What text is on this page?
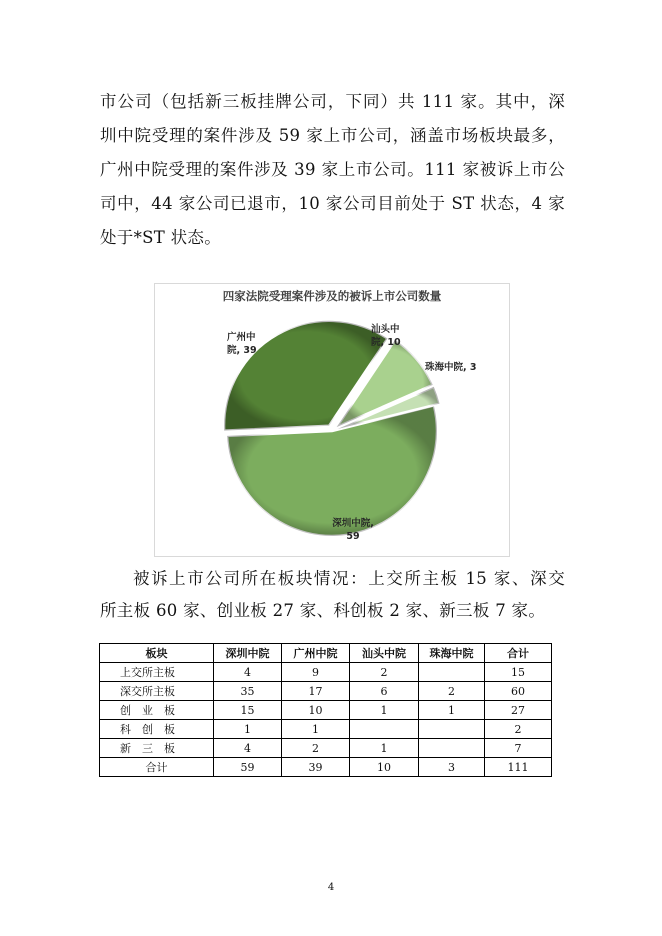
市公司（包括新三板挂牌公司，下同）共 111 家。其中，深
圳中院受理的案件涉及 59 家上市公司，涵盖市场板块最多，
广州中院受理的案件涉及 39 家上市公司。111 家被诉上市公
司中，44 家公司已退市，10 家公司目前处于 ST 状态，4 家
处于*ST 状态。
四家法院受理案件涉及的被诉上市公司数量
深圳中院, 59
广州中院, 39
汕头中院, 10
珠海中院, 3
被诉上市公司所在板块情况：上交所主板 15 家、深交
所主板 60 家、创业板 27 家、科创板 2 家、新三板 7 家。
板块	深圳中院	广州中院	汕头中院	珠海中院	合计
上交所主板	4	9	2		15
深交所主板	35	17	6	2	60
创业板	15	10	1	1	27
科创板	1	1			2
新三板	4	2	1		7
合计	59	39	10	3	111
4
